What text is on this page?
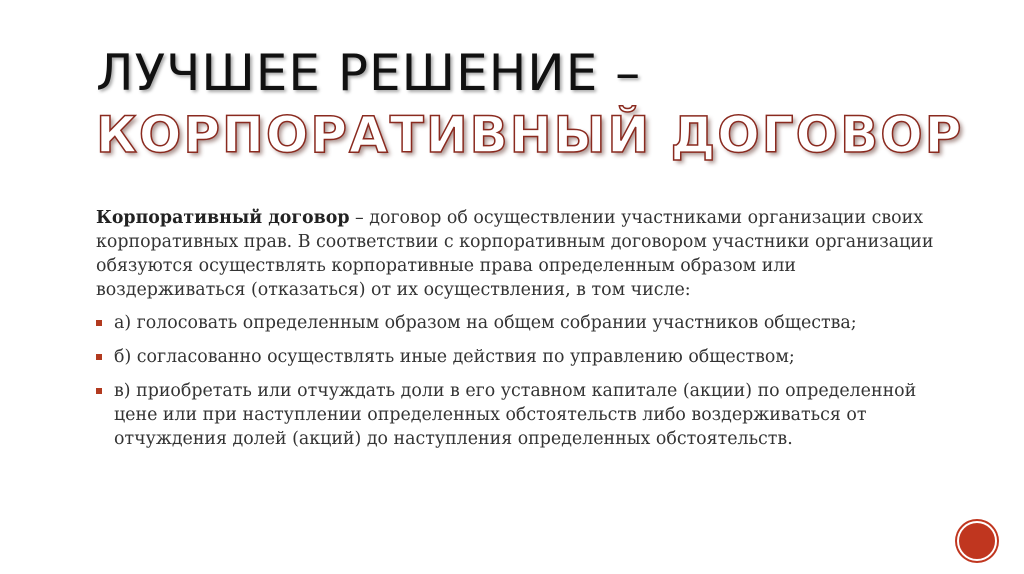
ЛУЧШЕЕ РЕШЕНИЕ –
КОРПОРАТИВНЫЙ ДОГОВОР

Корпоративный договор – договор об осуществлении участниками организации своих корпоративных прав. В соответствии с корпоративным договором участники организации обязуются осуществлять корпоративные права определенным образом или воздерживаться (отказаться) от их осуществления, в том числе:

а) голосовать определенным образом на общем собрании участников общества;
б) согласованно осуществлять иные действия по управлению обществом;
в) приобретать или отчуждать доли в его уставном капитале (акции) по определенной цене или при наступлении определенных обстоятельств либо воздерживаться от отчуждения долей (акций) до наступления определенных обстоятельств.
